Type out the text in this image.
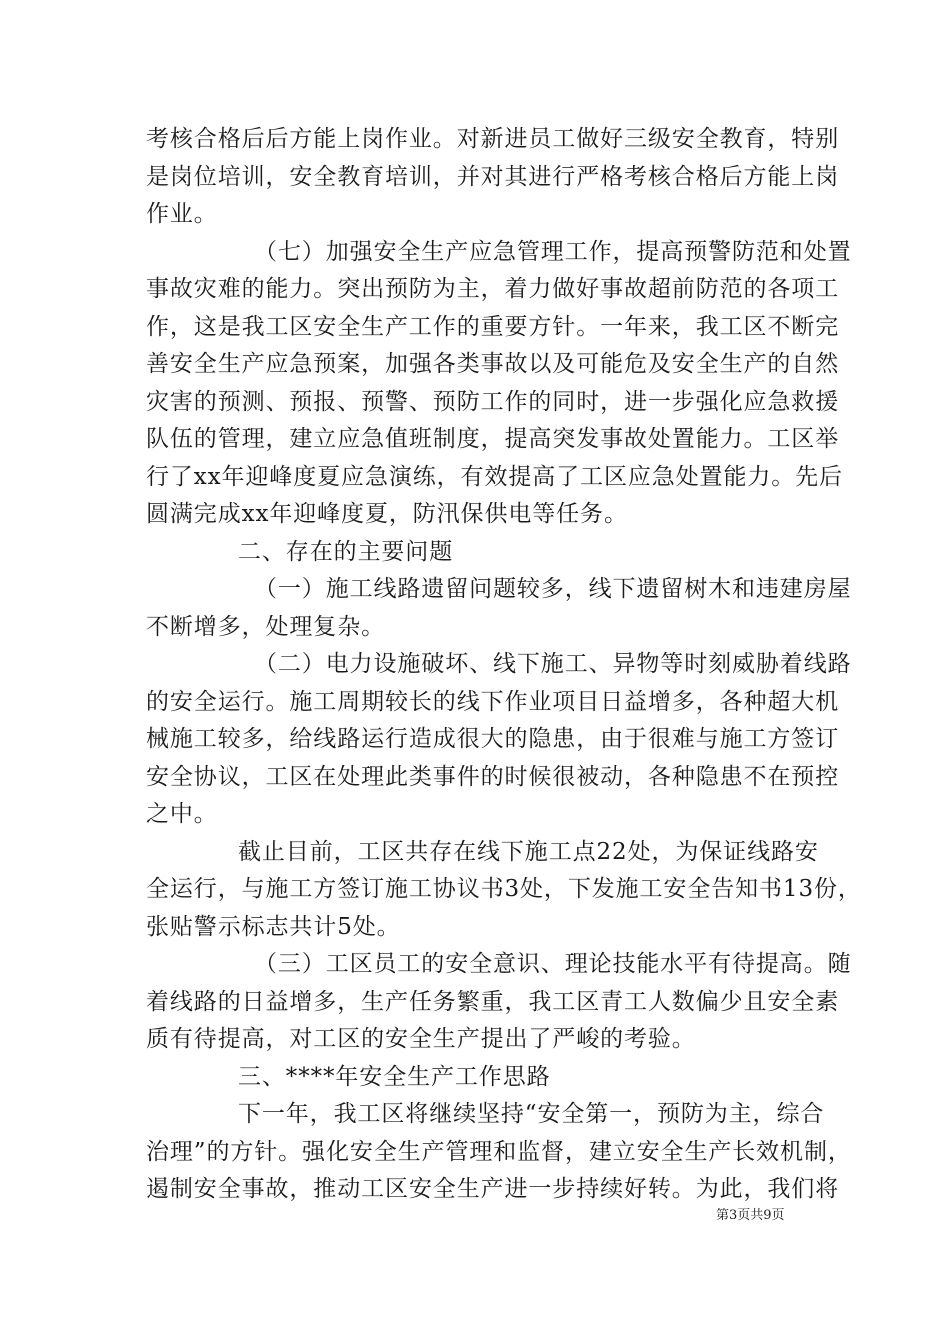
考核合格后后方能上岗作业。对新进员工做好三级安全教育，特别
是岗位培训，安全教育培训，并对其进行严格考核合格后方能上岗
作业。
（七）加强安全生产应急管理工作，提高预警防范和处置
事故灾难的能力。突出预防为主，着力做好事故超前防范的各项工
作，这是我工区安全生产工作的重要方针。一年来，我工区不断完
善安全生产应急预案，加强各类事故以及可能危及安全生产的自然
灾害的预测、预报、预警、预防工作的同时，进一步强化应急救援
队伍的管理，建立应急值班制度，提高突发事故处置能力。工区举
行了xx年迎峰度夏应急演练，有效提高了工区应急处置能力。先后
圆满完成xx年迎峰度夏，防汛保供电等任务。
二、存在的主要问题
（一）施工线路遗留问题较多，线下遗留树木和违建房屋
不断增多，处理复杂。
（二）电力设施破坏、线下施工、异物等时刻威胁着线路
的安全运行。施工周期较长的线下作业项目日益增多，各种超大机
械施工较多，给线路运行造成很大的隐患，由于很难与施工方签订
安全协议，工区在处理此类事件的时候很被动，各种隐患不在预控
之中。
截止目前，工区共存在线下施工点22处，为保证线路安
全运行，与施工方签订施工协议书3处，下发施工安全告知书13份，
张贴警示标志共计5处。
（三）工区员工的安全意识、理论技能水平有待提高。随
着线路的日益增多，生产任务繁重，我工区青工人数偏少且安全素
质有待提高，对工区的安全生产提出了严峻的考验。
三、****年安全生产工作思路
下一年，我工区将继续坚持“安全第一，预防为主，综合
治理”的方针。强化安全生产管理和监督，建立安全生产长效机制，
遏制安全事故，推动工区安全生产进一步持续好转。为此，我们将
第3页共9页
